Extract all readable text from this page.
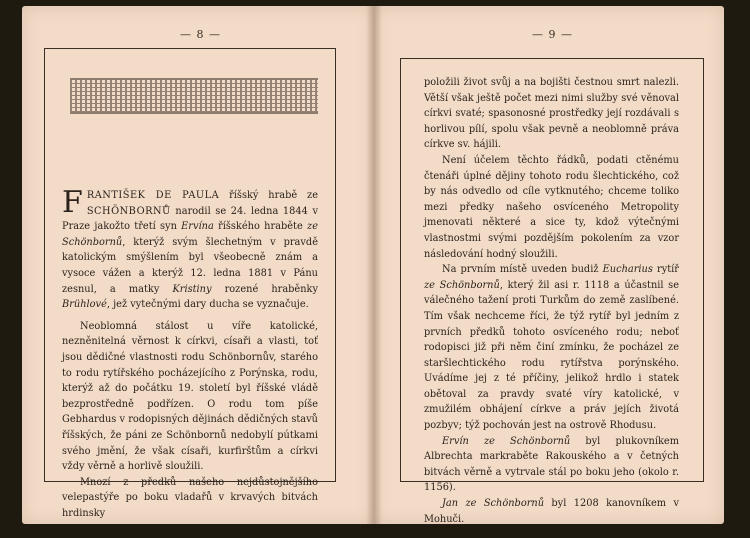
— 8 —

FRANTIŠEK DE PAULA říšský hrabě ze SCHÖNBORNŮ narodil se 24. ledna 1844 v Praze jakožto třetí syn Ervína říšského hraběte ze Schönbornů, kterýž svým šlechetným v pravdě katolickým smýšlením byl všeobecně znám a vysoce vážen a kterýž 12. ledna 1881 v Pánu zesnul, a matky Kristiny rozené hraběnky Brühlové, jež vytečnými dary ducha se vyznačuje.

Neoblomná stálost u víře katolické, nezněnitelná věrnost k církvi, císaři a vlasti, toť jsou dědičné vlastnosti rodu Schönbornův, starého to rodu rytířského pocházejícího z Porýnska, rodu, kterýž až do počátku 19. století byl říšské vládě bezprostředně podřízen. O rodu tom píše Gebhardus v rodopisných dějinách dědičných stavů říšských, že páni ze Schönbornů nedobylí pútkami svého jmění, že však císaři, kurfirštům a církvi vždy věrně a horlivě sloužili.

Mnozí z předků našeho nejdůstojnějšího velepastýře po boku vladařů v krvavých bitvách hrdinsky

— 9 —

položili život svůj a na bojišti čestnou smrt nalezli. Větší však ještě počet mezi nimi služby své věnoval církvi svaté; spasonosné prostředky její rozdávali s horlivou pílí, spolu však pevně a neoblomně práva církve sv. hájili.

Není účelem těchto řádků, podati ctěnému čtenáři úplné dějiny tohoto rodu šlechtického, což by nás odvedlo od cíle vytknutého; chceme tolikо mezi předky našeho osvíceného Metropolity jmenovati některé a sice ty, kdož výtečnými vlastnostmi svými pozdějším pokolením za vzor následování hodný sloužili.

Na prvním místě uveden budiž Eucharius rytíř ze Schönbornů, který žil asi r. 1118 a účastnil se válečného tažení proti Turkům do země zaslíbené. Tím však nechceme říci, že týž rytíř byl jedním z prvních předků tohoto osvíceného rodu; neboť rodopisci již při něm činí zmínku, že pocházel ze staršlechtického rodu rytířstva porýnského. Uvádíme jej z té příčiny, jelikož hrdlo i statek obětoval za pravdy svaté víry katolické, v zmužilém obhájení církve a práv jejích životá pozbyv; týž pochován jest na ostrově Rhodusu.

Ervín ze Schönbornů byl plukovníkem Albrechta markraběte Rakouského a v četných bitvách věrně a vytrvale stál po boku jeho (okolo r. 1156).

Jan ze Schönbornů byl 1208 kanovníkem v Mohuči.
